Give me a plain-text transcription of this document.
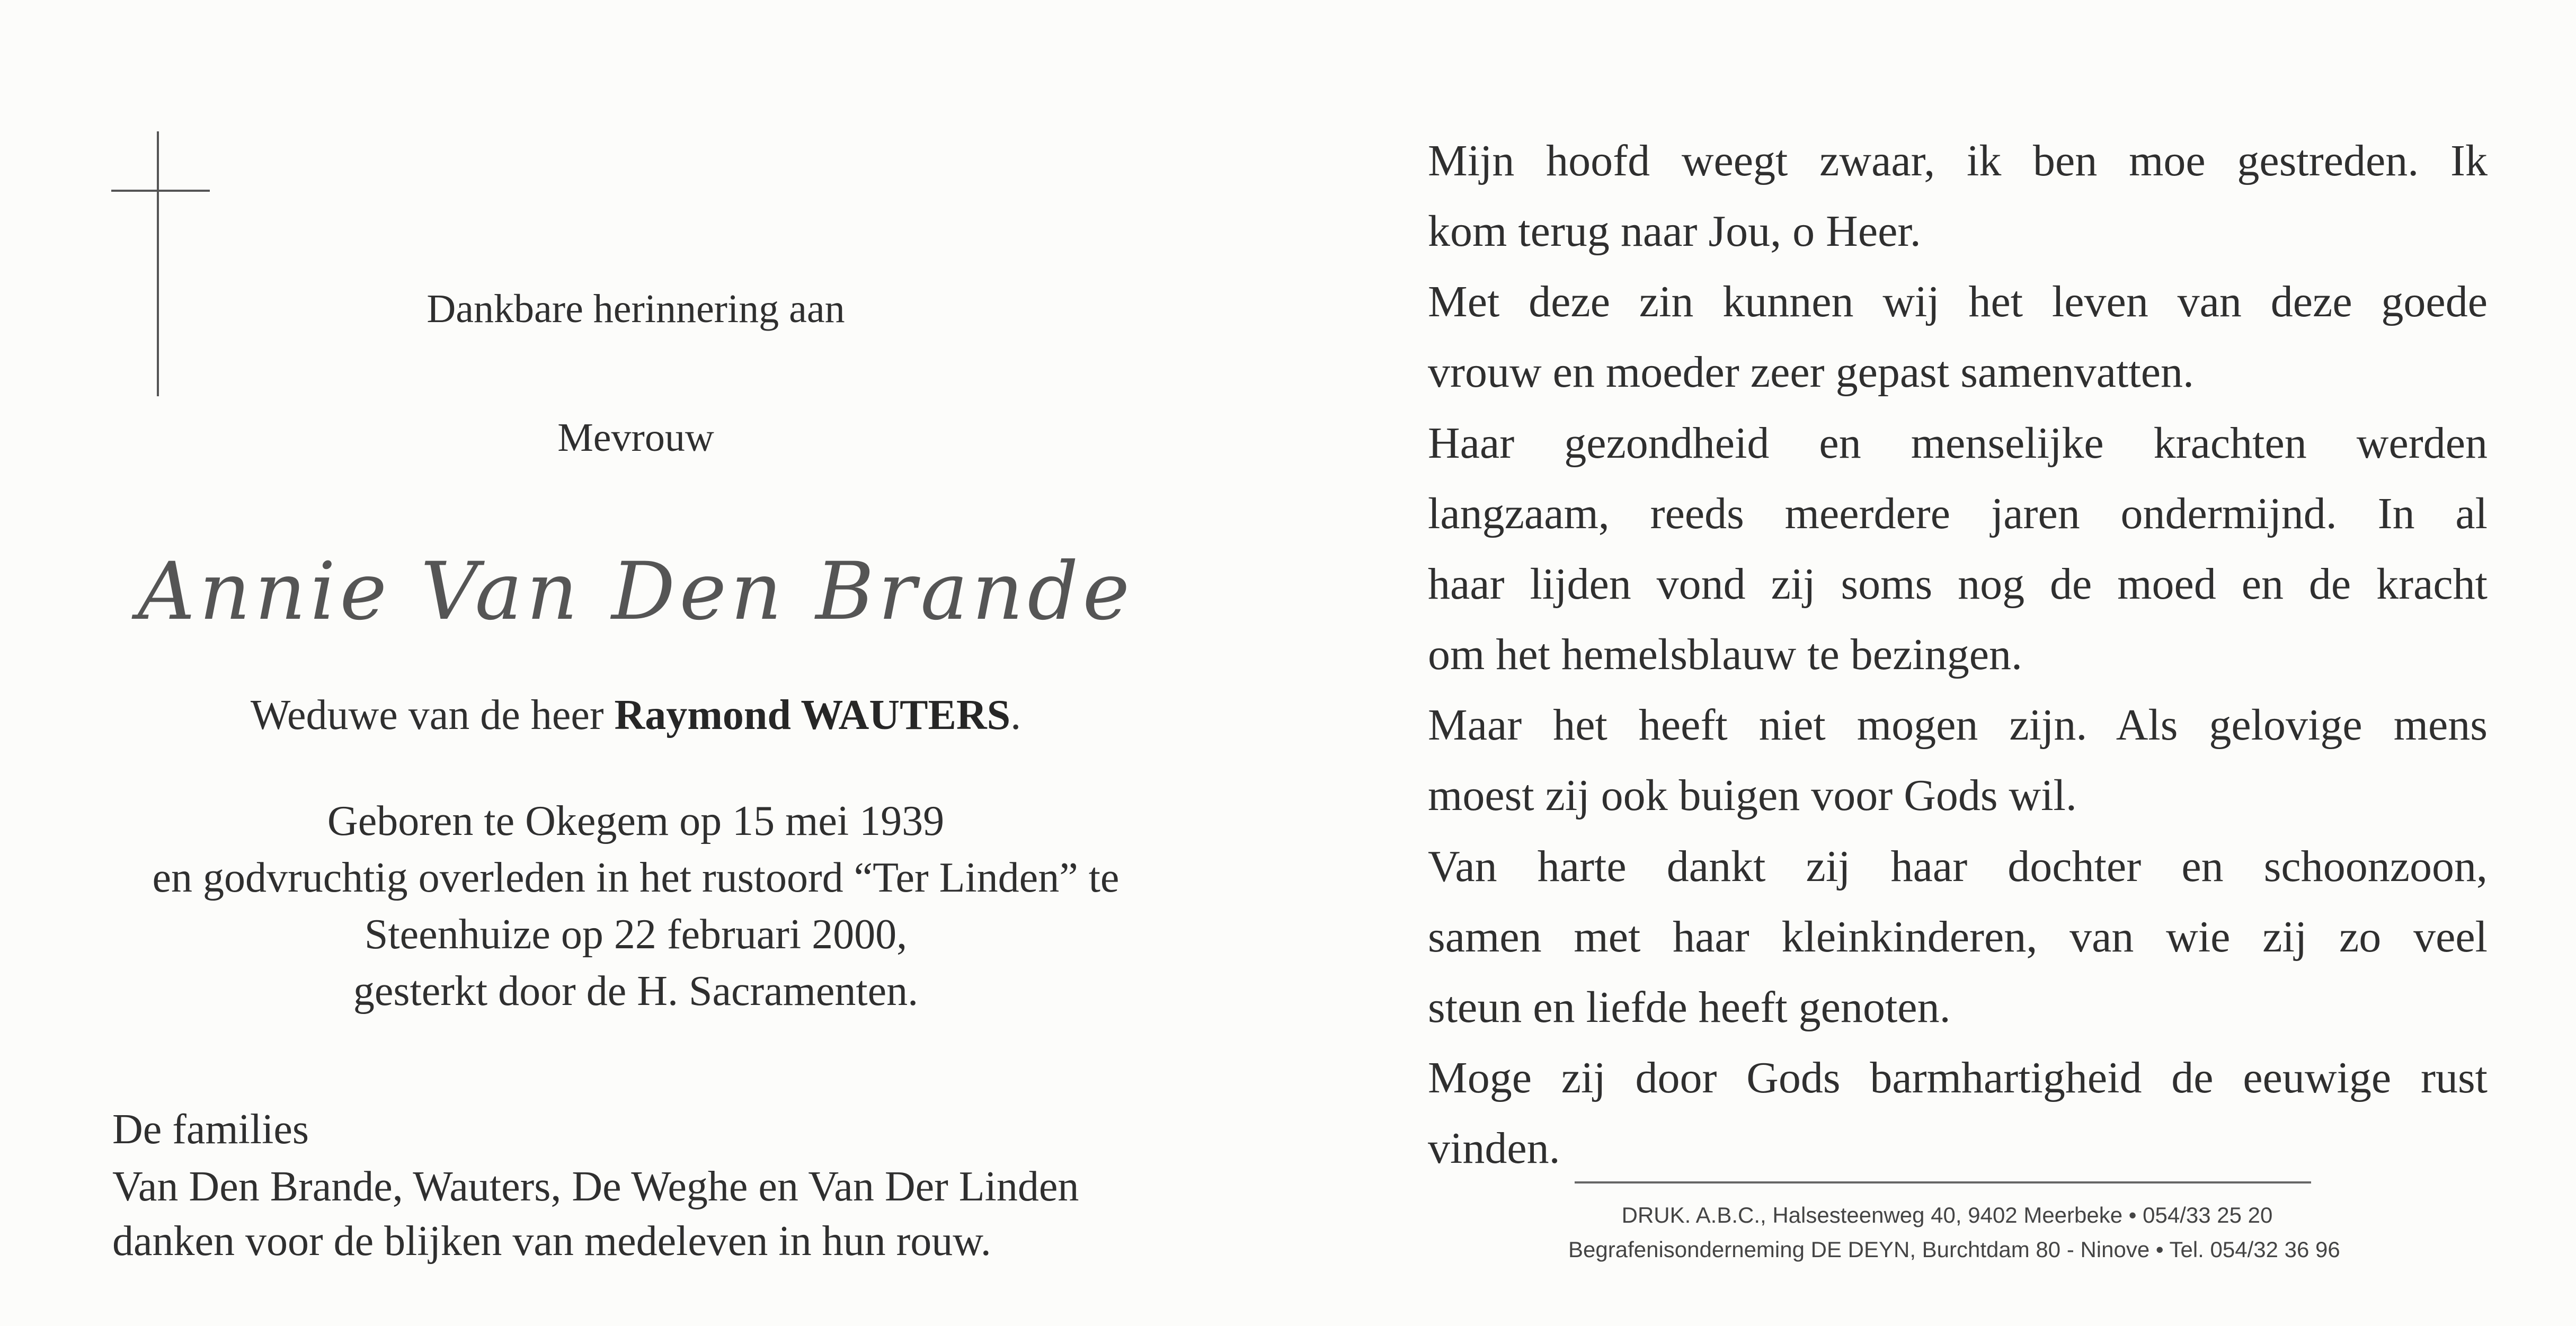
Dankbare herinnering aan
Mevrouw
Annie Van Den Brande
Weduwe van de heer Raymond WAUTERS.
Geboren te Okegem op 15 mei 1939
en godvruchtig overleden in het rustoord “Ter Linden” te
Steenhuize op 22 februari 2000,
gesterkt door de H. Sacramenten.
De families
Van Den Brande, Wauters, De Weghe en Van Der Linden
danken voor de blijken van medeleven in hun rouw.
Mijn hoofd weegt zwaar, ik ben moe gestreden. Ik
kom terug naar Jou, o Heer.
Met deze zin kunnen wij het leven van deze goede
vrouw en moeder zeer gepast samenvatten.
Haar gezondheid en menselijke krachten werden
langzaam, reeds meerdere jaren ondermijnd. In al
haar lijden vond zij soms nog de moed en de kracht
om het hemelsblauw te bezingen.
Maar het heeft niet mogen zijn. Als gelovige mens
moest zij ook buigen voor Gods wil.
Van harte dankt zij haar dochter en schoonzoon,
samen met haar kleinkinderen, van wie zij zo veel
steun en liefde heeft genoten.
Moge zij door Gods barmhartigheid de eeuwige rust
vinden.
DRUK. A.B.C., Halsesteenweg 40, 9402 Meerbeke • 054/33 25 20
Begrafenisonderneming DE DEYN, Burchtdam 80 - Ninove • Tel. 054/32 36 96
